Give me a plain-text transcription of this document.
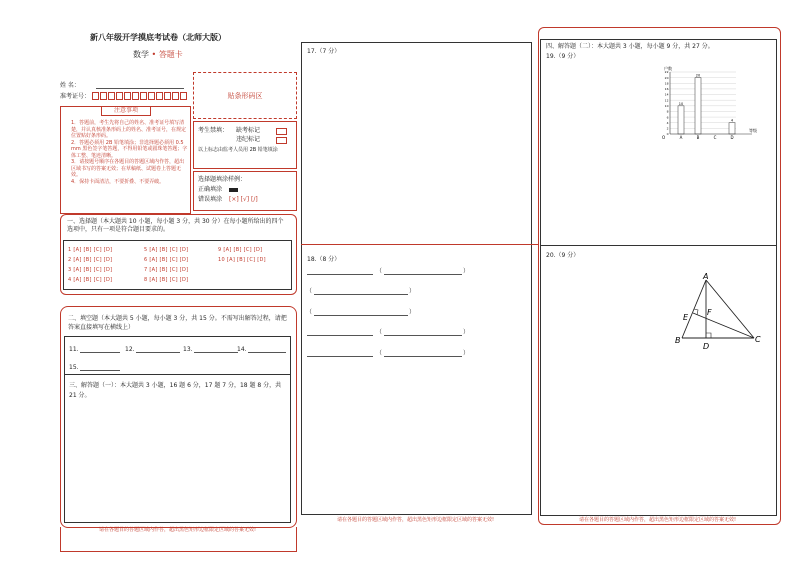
新八年级开学摸底考试卷（北师大版）
数学 • 答题卡
姓 名：
准考证号：	贴条形码区
注意事项
1．答题前，考生先将自己的姓名、准考证号填写清楚，并认真核准条形码上的姓名、准考证号，在规定位置贴好条形码。
2．答题必须用 2B 铅笔填涂；非选择题必须用 0.5 mm 黑色签字笔答题，不得用铅笔或圆珠笔答题；字体工整、笔迹清晰。
3．请按题号顺序在各题目的答题区域内作答，超出区域书写的答案无效；在草稿纸、试题卷上答题无效。
4．保持卡面清洁，不要折叠、不要弄破。
考生禁填： 缺考标记
违纪标记
以上标志由监考人员用 2B 铅笔填涂
选择题填涂样例：
正确填涂
错误填涂 [×] [√] [/]
一、选择题（本大题共 10 小题，每小题 3 分，共 30 分）在每小题所给出的四个选项中，只有一项是符合题目要求的。
1 [A] [B] [C] [D]	5 [A] [B] [C] [D]	9 [A] [B] [C] [D]
2 [A] [B] [C] [D]	6 [A] [B] [C] [D]	10 [A] [B] [C] [D]
3 [A] [B] [C] [D]	7 [A] [B] [C] [D]
4 [A] [B] [C] [D]	8 [A] [B] [C] [D]
二、填空题（本大题共 5 小题，每小题 3 分，共 15 分。不需写出解答过程，请把答案直接填写在横线上）
11.	12.	13.	14.
15.
三、解答题（一）：本大题共 3 小题，16 题 6 分，17 题 7 分，18 题 8 分，共 21 分。
请在各题目的答题区域内作答，超出黑色矩形边框限定区域的答案无效!
17.（7 分）
18.（8 分）
（	）
（	）
（	）
（	）
（	）
请在各题目的答题区域内作答，超出黑色矩形边框限定区域的答案无效!
四、解答题（二）：本大题共 3 小题，每小题 9 分，共 27 分。
19.（9 分）
20.（9 分）
请在各题目的答题区域内作答，超出黑色矩形边框限定区域的答案无效!
户数
等级
O
0
2
4
6
8
10
12
14
16
18
20
22
10
A
20
B	C
4
D
A
B	C
D
E
F
